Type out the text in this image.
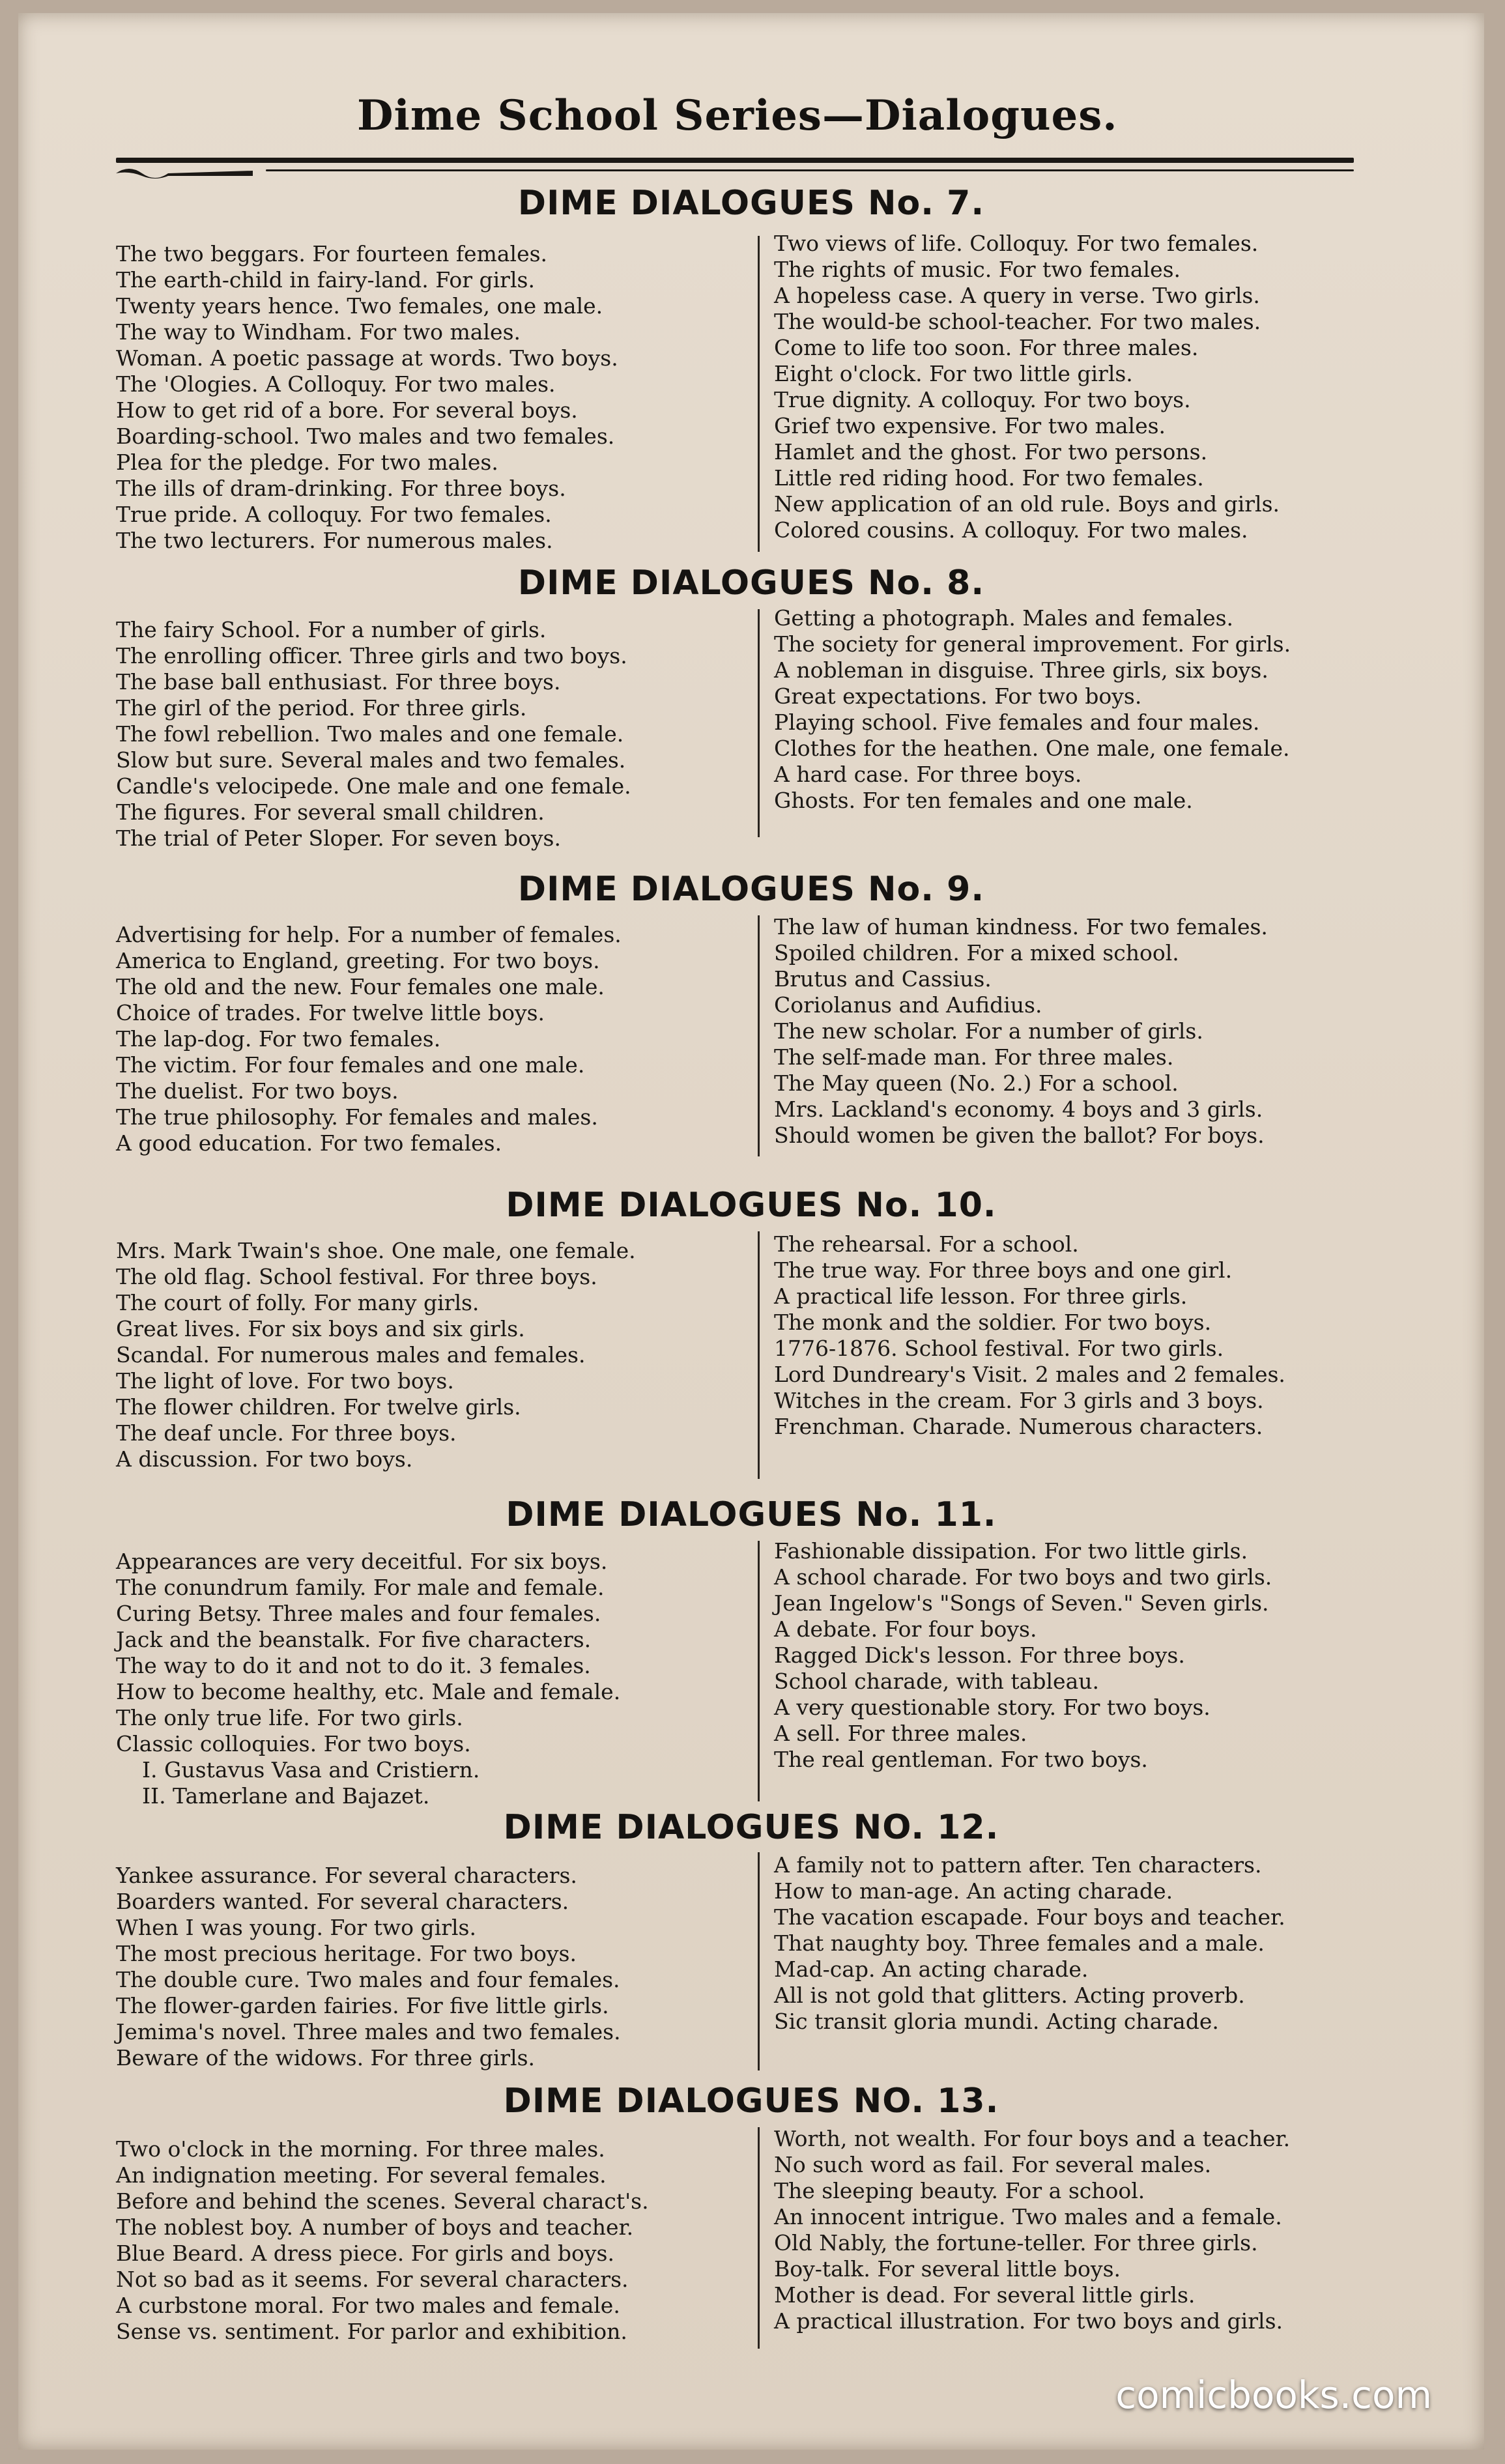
Dime School Series—Dialogues.
DIME DIALOGUES No. 7.
The two beggars. For fourteen females.
The earth-child in fairy-land. For girls.
Twenty years hence. Two females, one male.
The way to Windham. For two males.
Woman. A poetic passage at words. Two boys.
The 'Ologies. A Colloquy. For two males.
How to get rid of a bore. For several boys.
Boarding-school. Two males and two females.
Plea for the pledge. For two males.
The ills of dram-drinking. For three boys.
True pride. A colloquy. For two females.
The two lecturers. For numerous males.
Two views of life. Colloquy. For two females.
The rights of music. For two females.
A hopeless case. A query in verse. Two girls.
The would-be school-teacher. For two males.
Come to life too soon. For three males.
Eight o'clock. For two little girls.
True dignity. A colloquy. For two boys.
Grief two expensive. For two males.
Hamlet and the ghost. For two persons.
Little red riding hood. For two females.
New application of an old rule. Boys and girls.
Colored cousins. A colloquy. For two males.
DIME DIALOGUES No. 8.
The fairy School. For a number of girls.
The enrolling officer. Three girls and two boys.
The base ball enthusiast. For three boys.
The girl of the period. For three girls.
The fowl rebellion. Two males and one female.
Slow but sure. Several males and two females.
Candle's velocipede. One male and one female.
The figures. For several small children.
The trial of Peter Sloper. For seven boys.
Getting a photograph. Males and females.
The society for general improvement. For girls.
A nobleman in disguise. Three girls, six boys.
Great expectations. For two boys.
Playing school. Five females and four males.
Clothes for the heathen. One male, one female.
A hard case. For three boys.
Ghosts. For ten females and one male.
DIME DIALOGUES No. 9.
Advertising for help. For a number of females.
America to England, greeting. For two boys.
The old and the new. Four females one male.
Choice of trades. For twelve little boys.
The lap-dog. For two females.
The victim. For four females and one male.
The duelist. For two boys.
The true philosophy. For females and males.
A good education. For two females.
The law of human kindness. For two females.
Spoiled children. For a mixed school.
Brutus and Cassius.
Coriolanus and Aufidius.
The new scholar. For a number of girls.
The self-made man. For three males.
The May queen (No. 2.) For a school.
Mrs. Lackland's economy. 4 boys and 3 girls.
Should women be given the ballot? For boys.
DIME DIALOGUES No. 10.
Mrs. Mark Twain's shoe. One male, one female.
The old flag. School festival. For three boys.
The court of folly. For many girls.
Great lives. For six boys and six girls.
Scandal. For numerous males and females.
The light of love. For two boys.
The flower children. For twelve girls.
The deaf uncle. For three boys.
A discussion. For two boys.
The rehearsal. For a school.
The true way. For three boys and one girl.
A practical life lesson. For three girls.
The monk and the soldier. For two boys.
1776-1876. School festival. For two girls.
Lord Dundreary's Visit. 2 males and 2 females.
Witches in the cream. For 3 girls and 3 boys.
Frenchman. Charade. Numerous characters.
DIME DIALOGUES No. 11.
Appearances are very deceitful. For six boys.
The conundrum family. For male and female.
Curing Betsy. Three males and four females.
Jack and the beanstalk. For five characters.
The way to do it and not to do it. 3 females.
How to become healthy, etc. Male and female.
The only true life. For two girls.
Classic colloquies. For two boys.
I. Gustavus Vasa and Cristiern.
II. Tamerlane and Bajazet.
Fashionable dissipation. For two little girls.
A school charade. For two boys and two girls.
Jean Ingelow's "Songs of Seven." Seven girls.
A debate. For four boys.
Ragged Dick's lesson. For three boys.
School charade, with tableau.
A very questionable story. For two boys.
A sell. For three males.
The real gentleman. For two boys.
DIME DIALOGUES NO. 12.
Yankee assurance. For several characters.
Boarders wanted. For several characters.
When I was young. For two girls.
The most precious heritage. For two boys.
The double cure. Two males and four females.
The flower-garden fairies. For five little girls.
Jemima's novel. Three males and two females.
Beware of the widows. For three girls.
A family not to pattern after. Ten characters.
How to man-age. An acting charade.
The vacation escapade. Four boys and teacher.
That naughty boy. Three females and a male.
Mad-cap. An acting charade.
All is not gold that glitters. Acting proverb.
Sic transit gloria mundi. Acting charade.
DIME DIALOGUES NO. 13.
Two o'clock in the morning. For three males.
An indignation meeting. For several females.
Before and behind the scenes. Several charact's.
The noblest boy. A number of boys and teacher.
Blue Beard. A dress piece. For girls and boys.
Not so bad as it seems. For several characters.
A curbstone moral. For two males and female.
Sense vs. sentiment. For parlor and exhibition.
Worth, not wealth. For four boys and a teacher.
No such word as fail. For several males.
The sleeping beauty. For a school.
An innocent intrigue. Two males and a female.
Old Nably, the fortune-teller. For three girls.
Boy-talk. For several little boys.
Mother is dead. For several little girls.
A practical illustration. For two boys and girls.
comicbooks.com
